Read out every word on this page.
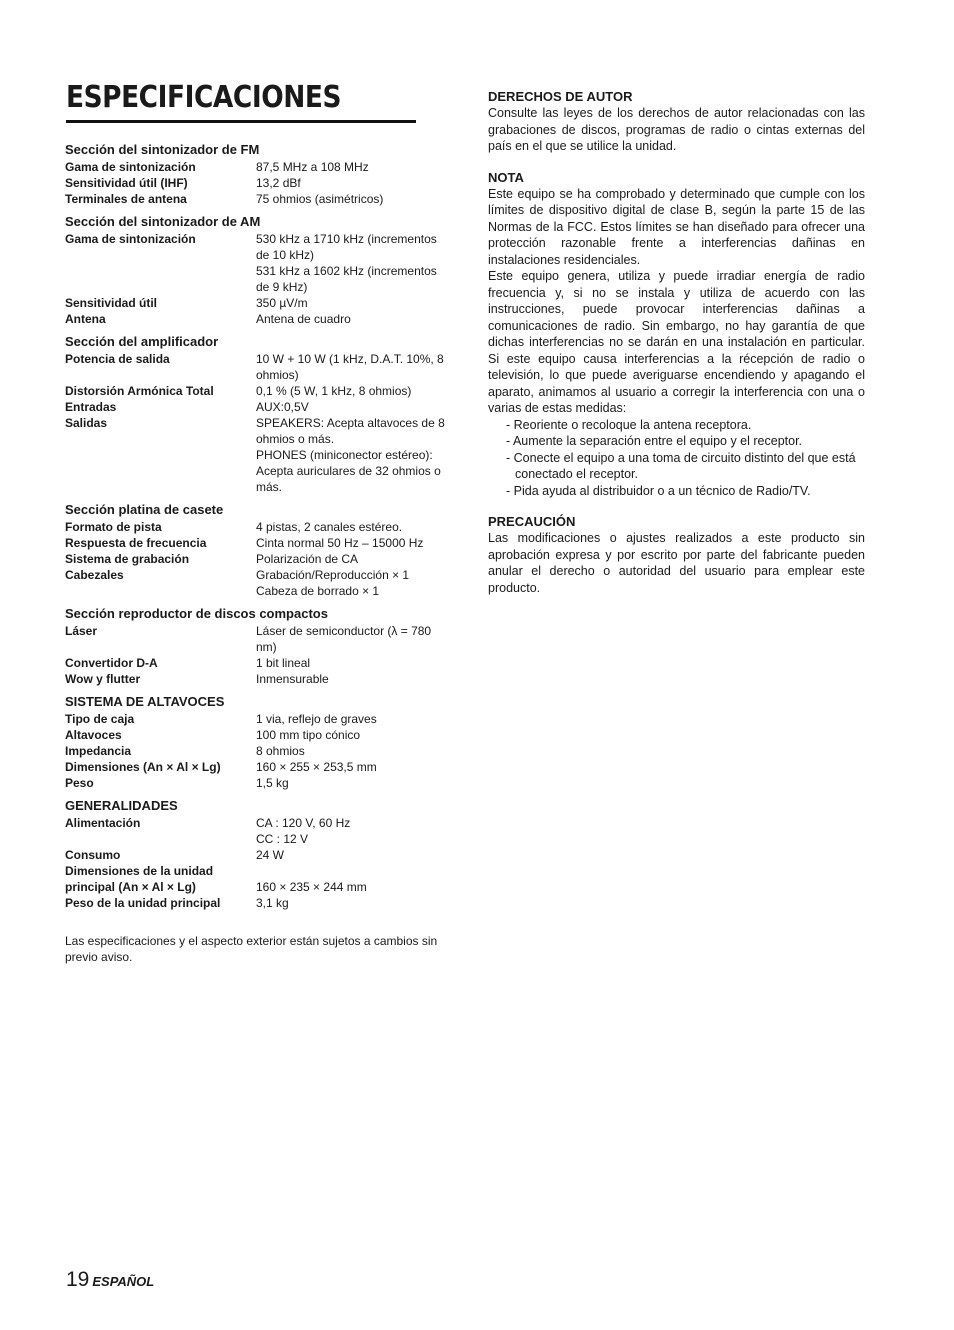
ESPECIFICACIONES
Sección del sintonizador de FM
Gama de sintonización	87,5 MHz a 108 MHz
Sensitividad útil (IHF)	13,2 dBf
Terminales de antena	75 ohmios (asimétricos)
Sección del sintonizador de AM
Gama de sintonización	530 kHz a 1710 kHz (incrementos de 10 kHz)
531 kHz a 1602 kHz (incrementos de 9 kHz)
Sensitividad útil	350 µV/m
Antena	Antena de cuadro
Sección del amplificador
Potencia de salida	10 W + 10 W (1 kHz, D.A.T. 10%, 8 ohmios)
Distorsión Armónica Total	0,1 % (5 W, 1 kHz, 8 ohmios)
Entradas	AUX:0,5V
Salidas	SPEAKERS: Acepta altavoces de 8 ohmios o más.
PHONES (miniconector estéreo): Acepta auriculares de 32 ohmios o más.
Sección platina de casete
Formato de pista	4 pistas, 2 canales estéreo.
Respuesta de frecuencia	Cinta normal 50 Hz – 15000 Hz
Sistema de grabación	Polarización de CA
Cabezales	Grabación/Reproducción × 1
Cabeza de borrado × 1
Sección reproductor de discos compactos
Láser	Láser de semiconductor (λ = 780 nm)
Convertidor D-A	1 bit lineal
Wow y flutter	Inmensurable
SISTEMA DE ALTAVOCES
Tipo de caja	1 via, reflejo de graves
Altavoces	100 mm tipo cónico
Impedancia	8 ohmios
Dimensiones (An × Al × Lg)	160 × 255 × 253,5 mm
Peso	1,5 kg
GENERALIDADES
Alimentación	CA : 120 V, 60 Hz
CC : 12 V
Consumo	24 W
Dimensiones de la unidad
principal (An × Al × Lg)	160 × 235 × 244 mm
Peso de la unidad principal	3,1 kg
Las especificaciones y el aspecto exterior están sujetos a cambios sin previo aviso.
DERECHOS DE AUTOR

Consulte las leyes de los derechos de autor relacionadas con las grabaciones de discos, programas de radio o cintas externas del país en el que se utilice la unidad.

NOTA

Este equipo se ha comprobado y determinado que cumple con los límites de dispositivo digital de clase B, según la parte 15 de las Normas de la FCC. Estos límites se han diseñado para ofrecer una protección razonable frente a interferencias dañinas en instalaciones residenciales.

Este equipo genera, utiliza y puede irradiar energía de radio frecuencia y, si no se instala y utiliza de acuerdo con las instrucciones, puede provocar interferencias dañinas a comunicaciones de radio. Sin embargo, no hay garantía de que dichas interferencias no se darán en una instalación en particular. Si este equipo causa interferencias a la récepción de radio o televisión, lo que puede averiguarse encendiendo y apagando el aparato, animamos al usuario a corregir la interferencia con una o varias de estas medidas:

- Reoriente o recoloque la antena receptora.
- Aumente la separación entre el equipo y el receptor.
- Conecte el equipo a una toma de circuito distinto del que está conectado el receptor.
- Pida ayuda al distribuidor o a un técnico de Radio/TV.
PRECAUCIÓN

Las modificaciones o ajustes realizados a este producto sin aprobación expresa y por escrito por parte del fabricante pueden anular el derecho o autoridad del usuario para emplear este producto.

19 ESPAÑOL
